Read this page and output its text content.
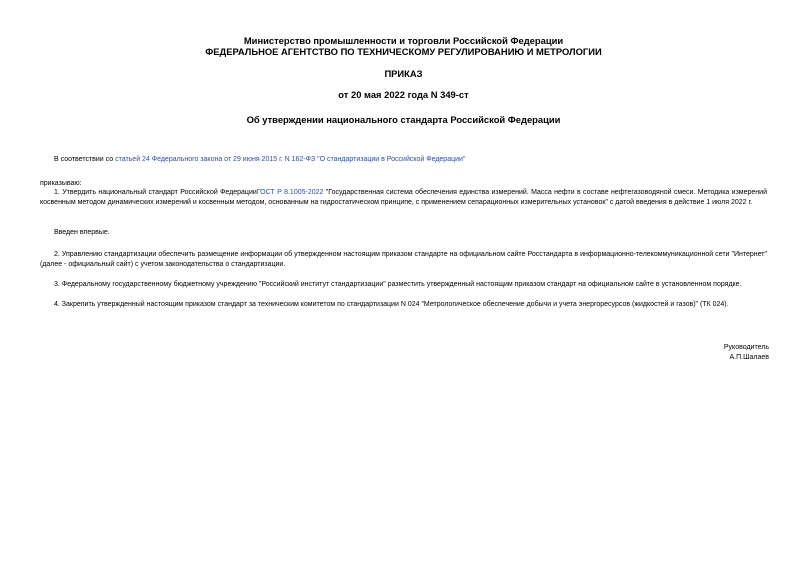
Министерство промышленности и торговли Российской Федерации
ФЕДЕРАЛЬНОЕ АГЕНТСТВО ПО ТЕХНИЧЕСКОМУ РЕГУЛИРОВАНИЮ И МЕТРОЛОГИИ
ПРИКАЗ
от 20 мая 2022 года N 349-ст
Об утверждении национального стандарта Российской Федерации
В соответствии со статьей 24 Федерального закона от 29 июня 2015 г. N 162-ФЗ "О стандартизации в Российской Федерации"
приказываю:
1. Утвердить национальный стандарт Российской ФедерацииГОСТ Р 8.1005-2022 "Государственная система обеспечения единства измерений. Масса нефти в составе нефтегазоводяной смеси. Методика измерений косвенным методом динамических измерений и косвенным методом, основанным на гидростатическом принципе, с применением сепарационных измерительных установок" с датой введения в действие 1 июля 2022 г.
Введен впервые.
2. Управлению стандартизации обеспечить размещение информации об утвержденном настоящим приказом стандарте на официальном сайте Росстандарта в информационно-телекоммуникационной сети "Интернет" (далее - официальный сайт) с учетом законодательства о стандартизации.
3. Федеральному государственному бюджетному учреждению "Российский институт стандартизации" разместить утвержденный настоящим приказом стандарт на официальном сайте в установленном порядке.
4. Закрепить утвержденный настоящим приказом стандарт за техническим комитетом по стандартизации N 024 "Метрологическое обеспечение добычи и учета энергоресурсов (жидкостей и газов)" (ТК 024).
Руководитель
А.П.Шалаев
